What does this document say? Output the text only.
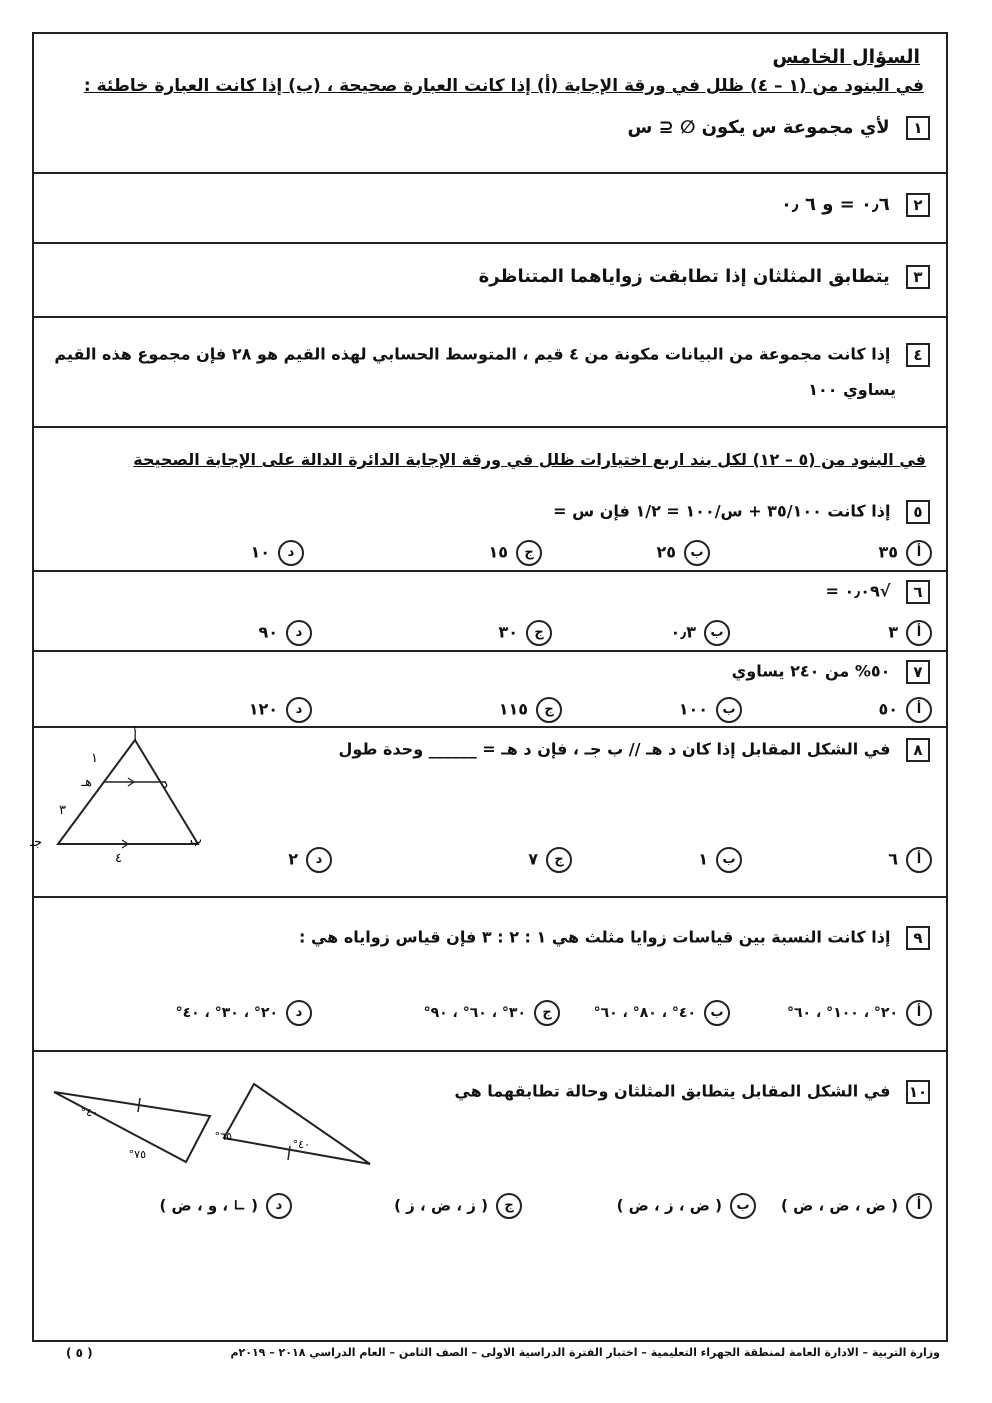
السؤال الخامس
في البنود من (١ – ٤) ظلل في ورقة الإجابة (أ) إذا كانت العبارة صحيحة ، (ب) إذا كانت العبارة خاطئة :
١ لأي مجموعة س يكون ∅ ⊆ س
٢ ٠٫٦ = و ٦ ٠٫
٣ يتطابق المثلثان إذا تطابقت زواياهما المتناظرة
٤ إذا كانت مجموعة من البيانات مكونة من ٤ قيم ، المتوسط الحسابي لهذه القيم هو ٢٨ فإن مجموع هذه القيم
يساوي ١٠٠
في البنود من (٥ – ١٢) لكل بند اربع اختيارات ظلل في ورقة الإجابة الدائرة الدالة على الإجابة الصحيحة
٥ إذا كانت ٣٥/١٠٠ + س/١٠٠ = ١/٢ فإن س =
أ٣٥
ب٢٥
ج١٥
د١٠
٦ √٠٫٠٩ =
أ٣
ب٠٫٣
ج٣٠
د٩٠
٧ ٥٠% من ٢٤٠ يساوي
أ٥٠
ب١٠٠
ج١١٥
د١٢٠
٨ في الشكل المقابل إذا كان د هـ // ب جـ ، فإن د هـ = ______ وحدة طول
أ
هـ	د
جـ	ب
١
٣
٤	أ٦
ب١
ج٧
د٢
٩ إذا كانت النسبة بين قياسات زوايا مثلث هي ١ : ٢ : ٣ فإن قياس زواياه هي :
أ٢٠° ، ١٠٠° ، ٦٠°
ب٤٠° ، ٨٠° ، ٦٠°
ج٣٠° ، ٦٠° ، ٩٠°
د٢٠° ، ٣٠° ، ٤٠°
١٠ في الشكل المقابل يتطابق المثلثان وحالة تطابقهما هي
٤٠°
٧٥°
٦٥°
٤٠°
أ( ض ، ض ، ض )
ب( ض ، ز ، ض )
ج( ز ، ض ، ز )
د( ∟ ، و ، ض )
وزارة التربية – الادارة العامة لمنطقة الجهراء التعليمية – اختبار الفترة الدراسية الاولى – الصف الثامن – العام الدراسي ٢٠١٨ – ٢٠١٩م
( ٥ )
